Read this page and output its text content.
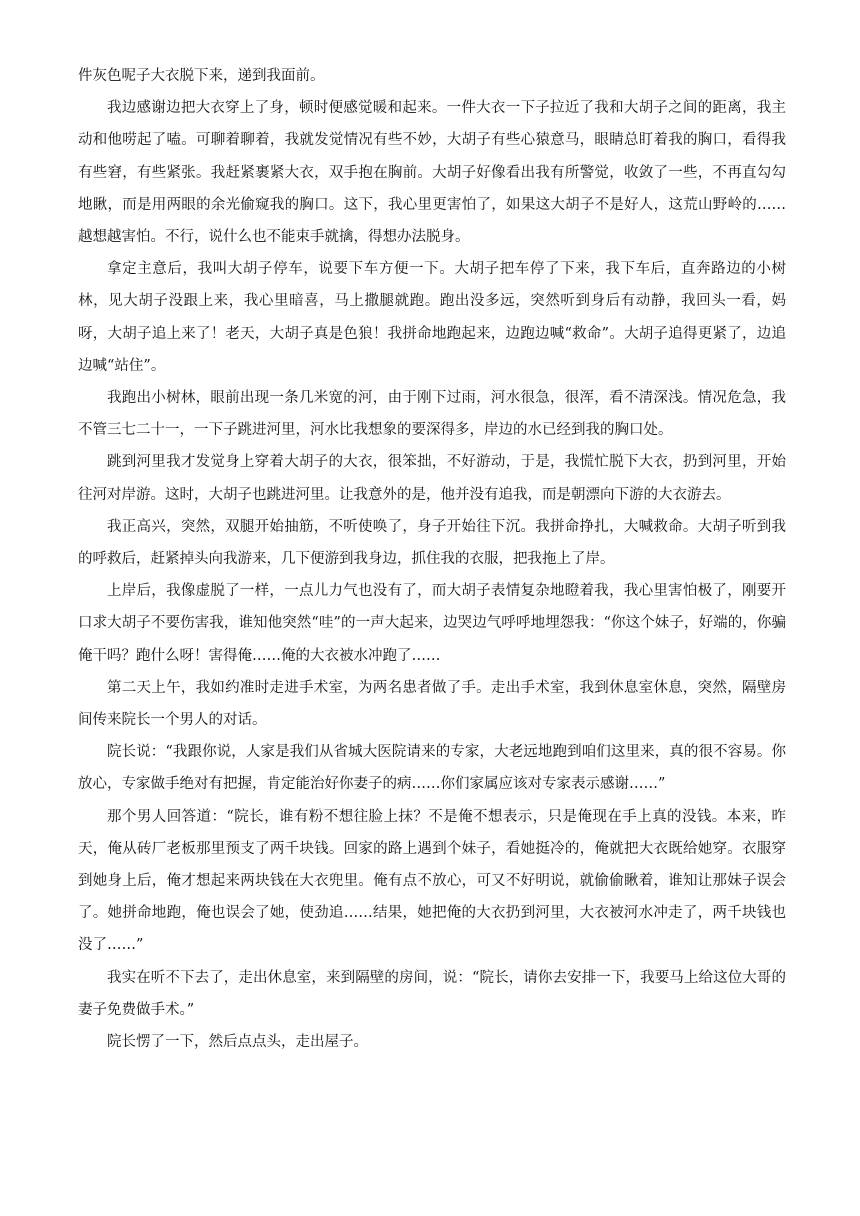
件灰色呢子大衣脱下来，递到我面前。

我边感谢边把大衣穿上了身，顿时便感觉暖和起来。一件大衣一下子拉近了我和大胡子之间的距离，我主动和他唠起了嗑。可聊着聊着，我就发觉情况有些不妙，大胡子有些心猿意马，眼睛总盯着我的胸口，看得我有些窘，有些紧张。我赶紧裹紧大衣，双手抱在胸前。大胡子好像看出我有所警觉，收敛了一些，不再直勾勾地瞅，而是用两眼的余光偷窥我的胸口。这下，我心里更害怕了，如果这大胡子不是好人，这荒山野岭的……越想越害怕。不行，说什么也不能束手就擒，得想办法脱身。

拿定主意后，我叫大胡子停车，说要下车方便一下。大胡子把车停了下来，我下车后，直奔路边的小树林，见大胡子没跟上来，我心里暗喜，马上撒腿就跑。跑出没多远，突然听到身后有动静，我回头一看，妈呀，大胡子追上来了！老天，大胡子真是色狼！我拼命地跑起来，边跑边喊“救命”。大胡子追得更紧了，边追边喊“站住”。

我跑出小树林，眼前出现一条几米宽的河，由于刚下过雨，河水很急，很浑，看不清深浅。情况危急，我不管三七二十一，一下子跳进河里，河水比我想象的要深得多，岸边的水已经到我的胸口处。

跳到河里我才发觉身上穿着大胡子的大衣，很笨拙，不好游动，于是，我慌忙脱下大衣，扔到河里，开始往河对岸游。这时，大胡子也跳进河里。让我意外的是，他并没有追我，而是朝漂向下游的大衣游去。

我正高兴，突然，双腿开始抽筋，不听使唤了，身子开始往下沉。我拼命挣扎，大喊救命。大胡子听到我的呼救后，赶紧掉头向我游来，几下便游到我身边，抓住我的衣服，把我拖上了岸。

上岸后，我像虚脱了一样，一点儿力气也没有了，而大胡子表情复杂地瞪着我，我心里害怕极了，刚要开口求大胡子不要伤害我，谁知他突然“哇”的一声大起来，边哭边气呼呼地埋怨我：“你这个妹子，好端的，你骗俺干吗？跑什么呀！害得俺……俺的大衣被水冲跑了……

第二天上午，我如约准时走进手术室，为两名患者做了手。走出手术室，我到休息室休息，突然，隔壁房间传来院长一个男人的对话。

院长说：“我跟你说，人家是我们从省城大医院请来的专家，大老远地跑到咱们这里来，真的很不容易。你放心，专家做手绝对有把握，肯定能治好你妻子的病……你们家属应该对专家表示感谢……”

那个男人回答道：“院长，谁有粉不想往脸上抹？不是俺不想表示，只是俺现在手上真的没钱。本来，昨天，俺从砖厂老板那里预支了两千块钱。回家的路上遇到个妹子，看她挺冷的，俺就把大衣既给她穿。衣服穿到她身上后，俺才想起来两块钱在大衣兜里。俺有点不放心，可又不好明说，就偷偷瞅着，谁知让那妹子误会了。她拼命地跑，俺也误会了她，使劲追……结果，她把俺的大衣扔到河里，大衣被河水冲走了，两千块钱也没了……”

我实在听不下去了，走出休息室，来到隔壁的房间，说：“院长，请你去安排一下，我要马上给这位大哥的妻子免费做手术。”

院长愣了一下，然后点点头，走出屋子。
